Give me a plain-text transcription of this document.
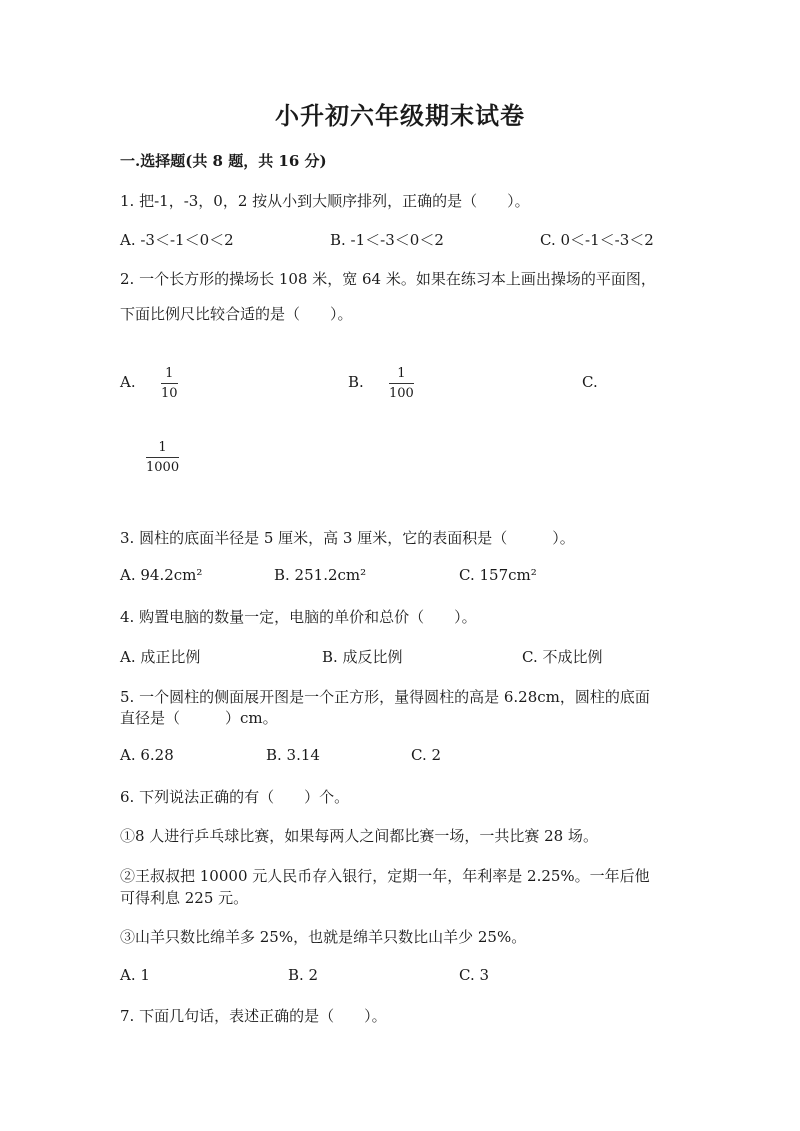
小升初六年级期末试卷
一.选择题(共 8 题，共 16 分)
1. 把-1，-3，0，2 按从小到大顺序排列，正确的是（　　）。
A. -3＜-1＜0＜2	B. -1＜-3＜0＜2	C. 0＜-1＜-3＜2
2. 一个长方形的操场长 108 米，宽 64 米。如果在练习本上画出操场的平面图，
下面比例尺比较合适的是（　　）。
A. 1
10
B.	1
100
C.
1
1000
3. 圆柱的底面半径是 5 厘米，高 3 厘米，它的表面积是（　　　）。
A. 94.2cm²	B. 251.2cm²	C. 157cm²
4. 购置电脑的数量一定，电脑的单价和总价（　　）。
A. 成正比例	B. 成反比例	C. 不成比例
5. 一个圆柱的侧面展开图是一个正方形，量得圆柱的高是 6.28cm，圆柱的底面
直径是（　　　）cm。
A. 6.28	B. 3.14	C. 2
6. 下列说法正确的有（　　）个。
①8 人进行乒乓球比赛，如果每两人之间都比赛一场，一共比赛 28 场。
②王叔叔把 10000 元人民币存入银行，定期一年，年利率是 2.25%。一年后他
可得利息 225 元。
③山羊只数比绵羊多 25%，也就是绵羊只数比山羊少 25%。
A. 1	B. 2	C. 3
7. 下面几句话，表述正确的是（　　）。
